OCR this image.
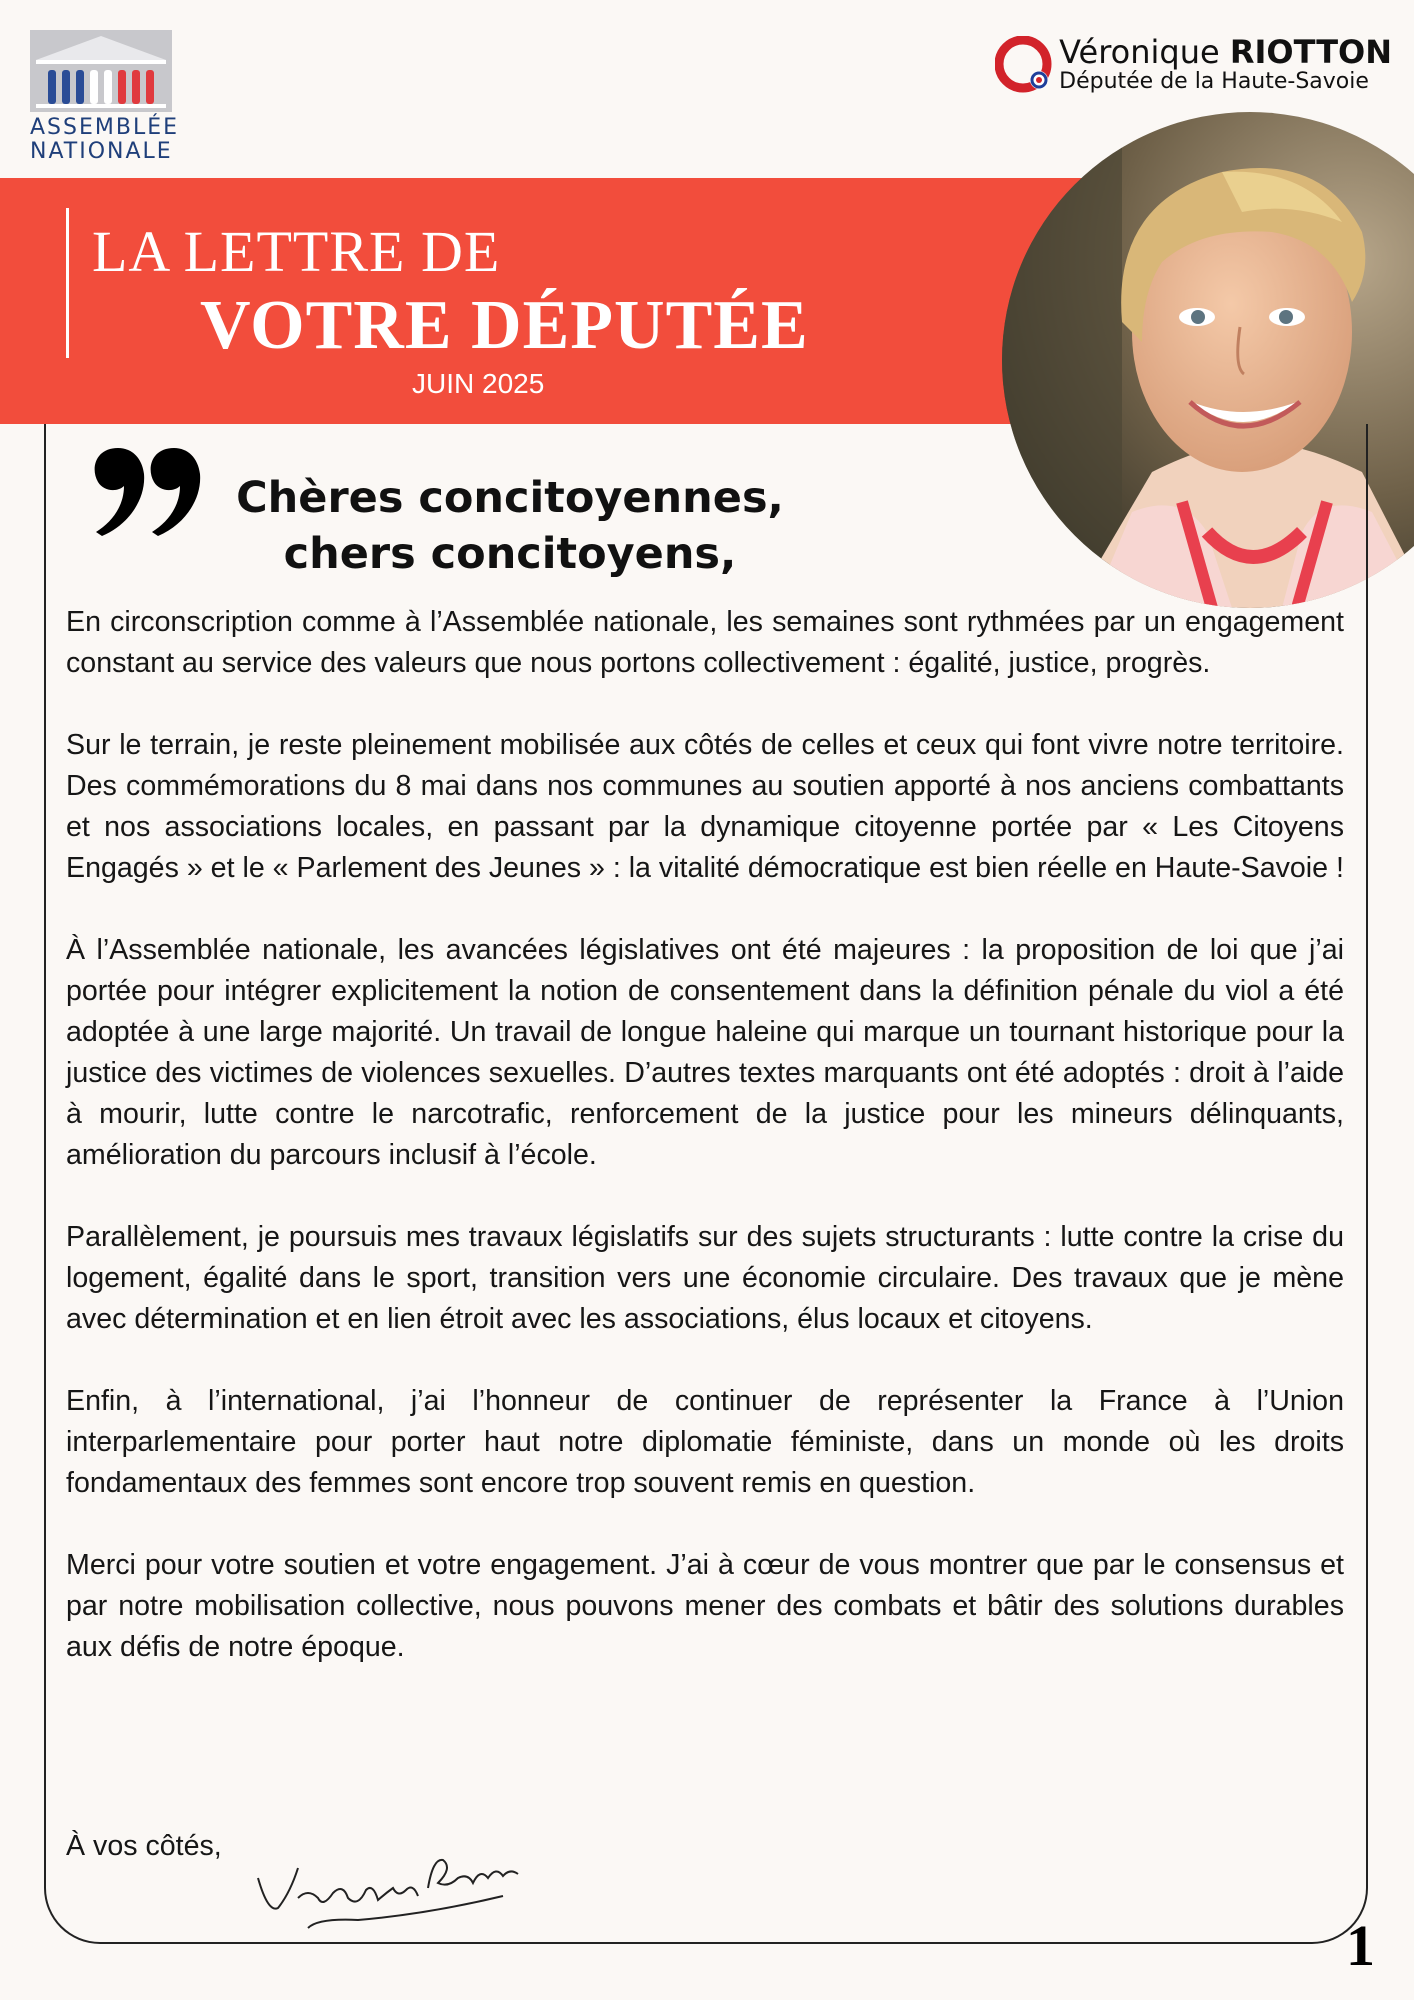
ASSEMBLÉE
NATIONALE
Véronique RIOTTON
Députée de la Haute-Savoie
LA LETTRE DE
VOTRE DÉPUTÉE
JUIN 2025
Chères concitoyennes,
chers concitoyens,

En circonscription comme à l’Assemblée nationale, les semaines sont rythmées par un engagement constant au service des valeurs que nous portons collectivement : égalité, justice, progrès.

Sur le terrain, je reste pleinement mobilisée aux côtés de celles et ceux qui font vivre notre territoire. Des commémorations du 8 mai dans nos communes au soutien apporté à nos anciens combattants et nos associations locales, en passant par la dynamique citoyenne portée par « Les Citoyens Engagés » et le « Parlement des Jeunes » : la vitalité démocratique est bien réelle en Haute-Savoie !

À l’Assemblée nationale, les avancées législatives ont été majeures : la proposition de loi que j’ai portée pour intégrer explicitement la notion de consentement dans la définition pénale du viol a été adoptée à une large majorité. Un travail de longue haleine qui marque un tournant historique pour la justice des victimes de violences sexuelles. D’autres textes marquants ont été adoptés : droit à l’aide à mourir, lutte contre le narcotrafic, renforcement de la justice pour les mineurs délinquants, amélioration du parcours inclusif à l’école.

Parallèlement, je poursuis mes travaux législatifs sur des sujets structurants : lutte contre la crise du logement, égalité dans le sport, transition vers une économie circulaire. Des travaux que je mène avec détermination et en lien étroit avec les associations, élus locaux et citoyens.

Enfin, à l’international, j’ai l’honneur de continuer de représenter la France à l’Union interparlementaire pour porter haut notre diplomatie féministe, dans un monde où les droits fondamentaux des femmes sont encore trop souvent remis en question.

Merci pour votre soutien et votre engagement. J’ai à cœur de vous montrer que par le consensus et par notre mobilisation collective, nous pouvons mener des combats et bâtir des solutions durables aux défis de notre époque.

À vos côtés,
1
